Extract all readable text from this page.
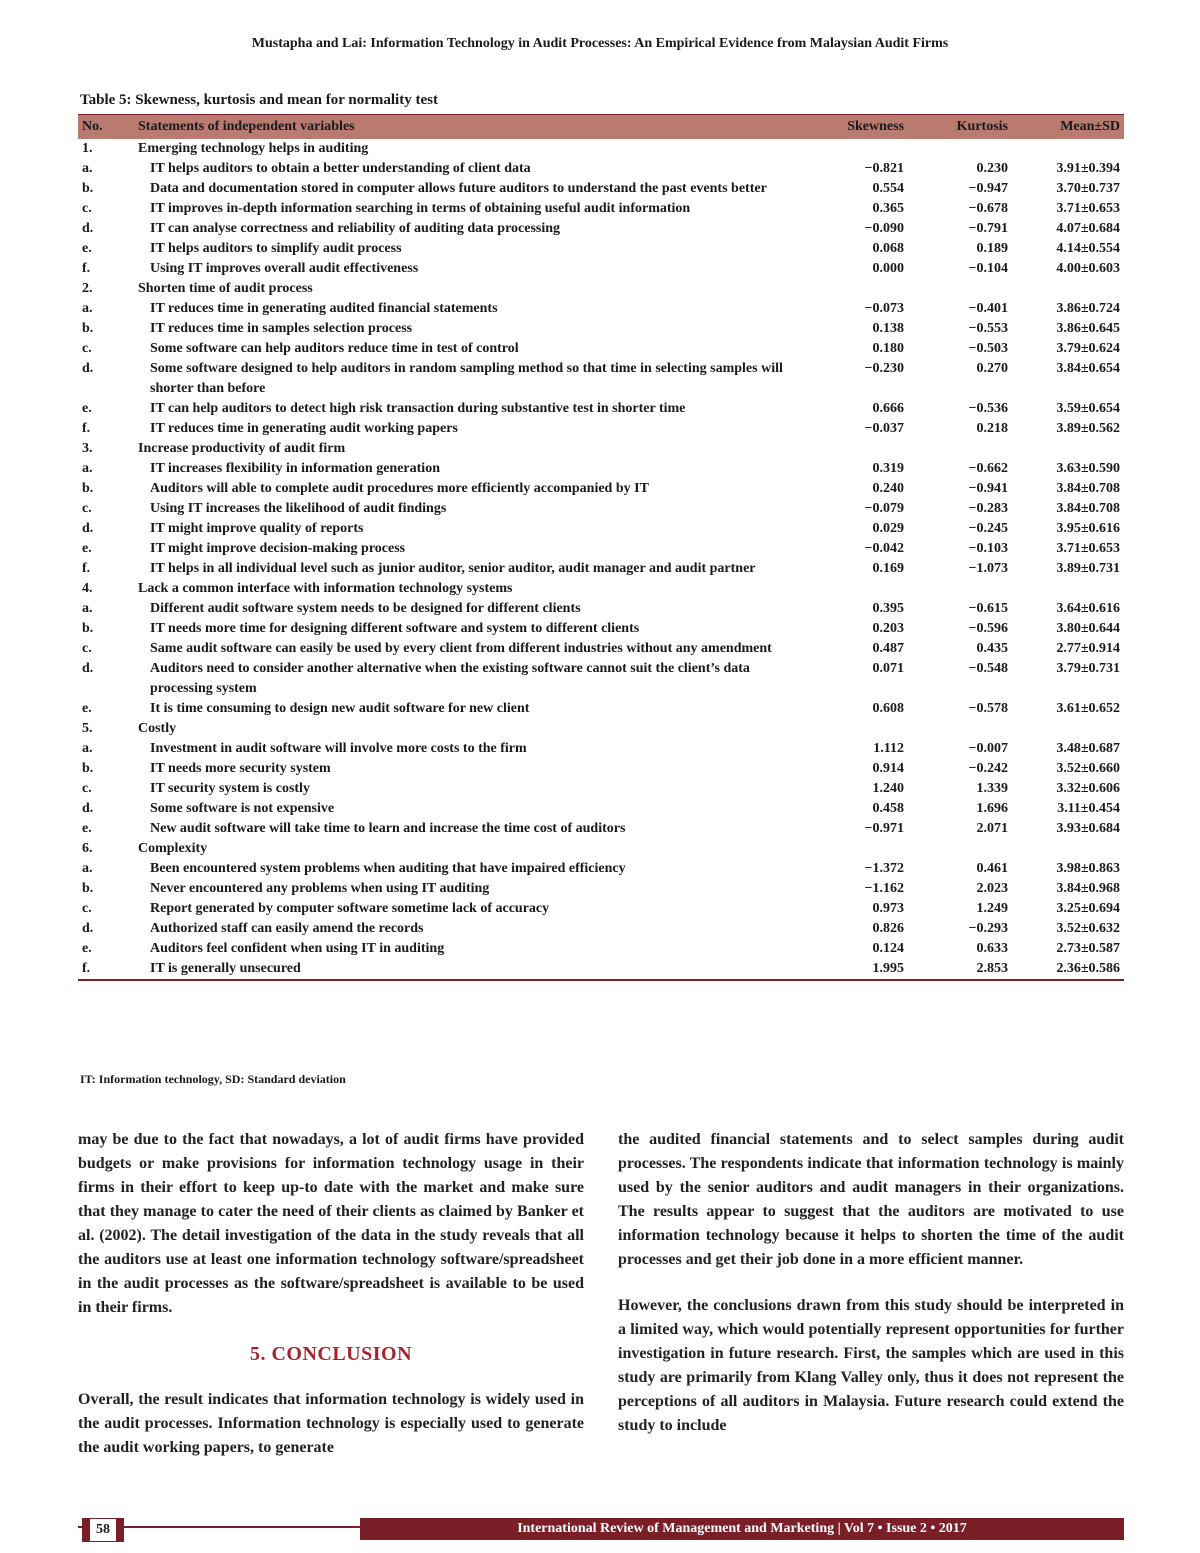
Mustapha and Lai: Information Technology in Audit Processes: An Empirical Evidence from Malaysian Audit Firms
Table 5: Skewness, kurtosis and mean for normality test
No.	Statements of independent variables	Skewness	Kurtosis	Mean±SD
1.	Emerging technology helps in auditing			
a.	IT helps auditors to obtain a better understanding of client data	−0.821	0.230	3.91±0.394
b.	Data and documentation stored in computer allows future auditors to understand the past events better	0.554	−0.947	3.70±0.737
c.	IT improves in-depth information searching in terms of obtaining useful audit information	0.365	−0.678	3.71±0.653
d.	IT can analyse correctness and reliability of auditing data processing	−0.090	−0.791	4.07±0.684
e.	IT helps auditors to simplify audit process	0.068	0.189	4.14±0.554
f.	Using IT improves overall audit effectiveness	0.000	−0.104	4.00±0.603
2.	Shorten time of audit process			
a.	IT reduces time in generating audited financial statements	−0.073	−0.401	3.86±0.724
b.	IT reduces time in samples selection process	0.138	−0.553	3.86±0.645
c.	Some software can help auditors reduce time in test of control	0.180	−0.503	3.79±0.624
d.	Some software designed to help auditors in random sampling method so that time in selecting samples will shorter than before	−0.230	0.270	3.84±0.654
e.	IT can help auditors to detect high risk transaction during substantive test in shorter time	0.666	−0.536	3.59±0.654
f.	IT reduces time in generating audit working papers	−0.037	0.218	3.89±0.562
3.	Increase productivity of audit firm			
a.	IT increases flexibility in information generation	0.319	−0.662	3.63±0.590
b.	Auditors will able to complete audit procedures more efficiently accompanied by IT	0.240	−0.941	3.84±0.708
c.	Using IT increases the likelihood of audit findings	−0.079	−0.283	3.84±0.708
d.	IT might improve quality of reports	0.029	−0.245	3.95±0.616
e.	IT might improve decision-making process	−0.042	−0.103	3.71±0.653
f.	IT helps in all individual level such as junior auditor, senior auditor, audit manager and audit partner	0.169	−1.073	3.89±0.731
4.	Lack a common interface with information technology systems			
a.	Different audit software system needs to be designed for different clients	0.395	−0.615	3.64±0.616
b.	IT needs more time for designing different software and system to different clients	0.203	−0.596	3.80±0.644
c.	Same audit software can easily be used by every client from different industries without any amendment	0.487	0.435	2.77±0.914
d.	Auditors need to consider another alternative when the existing software cannot suit the client’s data processing system	0.071	−0.548	3.79±0.731
e.	It is time consuming to design new audit software for new client	0.608	−0.578	3.61±0.652
5.	Costly			
a.	Investment in audit software will involve more costs to the firm	1.112	−0.007	3.48±0.687
b.	IT needs more security system	0.914	−0.242	3.52±0.660
c.	IT security system is costly	1.240	1.339	3.32±0.606
d.	Some software is not expensive	0.458	1.696	3.11±0.454
e.	New audit software will take time to learn and increase the time cost of auditors	−0.971	2.071	3.93±0.684
6.	Complexity			
a.	Been encountered system problems when auditing that have impaired efficiency	−1.372	0.461	3.98±0.863
b.	Never encountered any problems when using IT auditing	−1.162	2.023	3.84±0.968
c.	Report generated by computer software sometime lack of accuracy	0.973	1.249	3.25±0.694
d.	Authorized staff can easily amend the records	0.826	−0.293	3.52±0.632
e.	Auditors feel confident when using IT in auditing	0.124	0.633	2.73±0.587
f.	IT is generally unsecured	1.995	2.853	2.36±0.586
IT: Information technology, SD: Standard deviation

may be due to the fact that nowadays, a lot of audit firms have provided budgets or make provisions for information technology usage in their firms in their effort to keep up-to date with the market and make sure that they manage to cater the need of their clients as claimed by Banker et al. (2002). The detail investigation of the data in the study reveals that all the auditors use at least one information technology software/spreadsheet in the audit processes as the software/spreadsheet is available to be used in their firms.

5. CONCLUSION

Overall, the result indicates that information technology is widely used in the audit processes. Information technology is especially used to generate the audit working papers, to generate

the audited financial statements and to select samples during audit processes. The respondents indicate that information technology is mainly used by the senior auditors and audit managers in their organizations. The results appear to suggest that the auditors are motivated to use information technology because it helps to shorten the time of the audit processes and get their job done in a more efficient manner.

However, the conclusions drawn from this study should be interpreted in a limited way, which would potentially represent opportunities for further investigation in future research. First, the samples which are used in this study are primarily from Klang Valley only, thus it does not represent the perceptions of all auditors in Malaysia. Future research could extend the study to include

58	International Review of Management and Marketing | Vol 7 • Issue 2 • 2017
